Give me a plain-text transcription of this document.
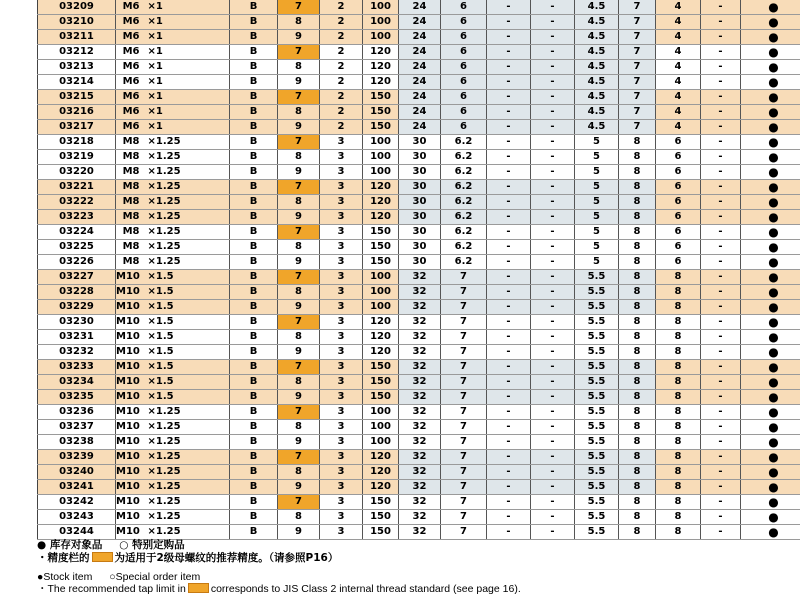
03209	M6	×1	B	7	2	100	24	6	-	-	4.5	7	4	-	●
03210	M6	×1	B	8	2	100	24	6	-	-	4.5	7	4	-	●
03211	M6	×1	B	9	2	100	24	6	-	-	4.5	7	4	-	●
03212	M6	×1	B	7	2	120	24	6	-	-	4.5	7	4	-	●
03213	M6	×1	B	8	2	120	24	6	-	-	4.5	7	4	-	●
03214	M6	×1	B	9	2	120	24	6	-	-	4.5	7	4	-	●
03215	M6	×1	B	7	2	150	24	6	-	-	4.5	7	4	-	●
03216	M6	×1	B	8	2	150	24	6	-	-	4.5	7	4	-	●
03217	M6	×1	B	9	2	150	24	6	-	-	4.5	7	4	-	●
03218	M8	×1.25	B	7	3	100	30	6.2	-	-	5	8	6	-	●
03219	M8	×1.25	B	8	3	100	30	6.2	-	-	5	8	6	-	●
03220	M8	×1.25	B	9	3	100	30	6.2	-	-	5	8	6	-	●
03221	M8	×1.25	B	7	3	120	30	6.2	-	-	5	8	6	-	●
03222	M8	×1.25	B	8	3	120	30	6.2	-	-	5	8	6	-	●
03223	M8	×1.25	B	9	3	120	30	6.2	-	-	5	8	6	-	●
03224	M8	×1.25	B	7	3	150	30	6.2	-	-	5	8	6	-	●
03225	M8	×1.25	B	8	3	150	30	6.2	-	-	5	8	6	-	●
03226	M8	×1.25	B	9	3	150	30	6.2	-	-	5	8	6	-	●
03227	M10	×1.5	B	7	3	100	32	7	-	-	5.5	8	8	-	●
03228	M10	×1.5	B	8	3	100	32	7	-	-	5.5	8	8	-	●
03229	M10	×1.5	B	9	3	100	32	7	-	-	5.5	8	8	-	●
03230	M10	×1.5	B	7	3	120	32	7	-	-	5.5	8	8	-	●
03231	M10	×1.5	B	8	3	120	32	7	-	-	5.5	8	8	-	●
03232	M10	×1.5	B	9	3	120	32	7	-	-	5.5	8	8	-	●
03233	M10	×1.5	B	7	3	150	32	7	-	-	5.5	8	8	-	●
03234	M10	×1.5	B	8	3	150	32	7	-	-	5.5	8	8	-	●
03235	M10	×1.5	B	9	3	150	32	7	-	-	5.5	8	8	-	●
03236	M10	×1.25	B	7	3	100	32	7	-	-	5.5	8	8	-	●
03237	M10	×1.25	B	8	3	100	32	7	-	-	5.5	8	8	-	●
03238	M10	×1.25	B	9	3	100	32	7	-	-	5.5	8	8	-	●
03239	M10	×1.25	B	7	3	120	32	7	-	-	5.5	8	8	-	●
03240	M10	×1.25	B	8	3	120	32	7	-	-	5.5	8	8	-	●
03241	M10	×1.25	B	9	3	120	32	7	-	-	5.5	8	8	-	●
03242	M10	×1.25	B	7	3	150	32	7	-	-	5.5	8	8	-	●
03243	M10	×1.25	B	8	3	150	32	7	-	-	5.5	8	8	-	●
03244	M10	×1.25	B	9	3	150	32	7	-	-	5.5	8	8	-	●
● 库存对象品 ○ 特别定购品
・精度栏的 为适用于2级母螺纹的推荐精度。（请参照P16）
●Stock item ○Special order item
・The recommended tap limit in corresponds to JIS Class 2 internal thread standard (see page 16).
